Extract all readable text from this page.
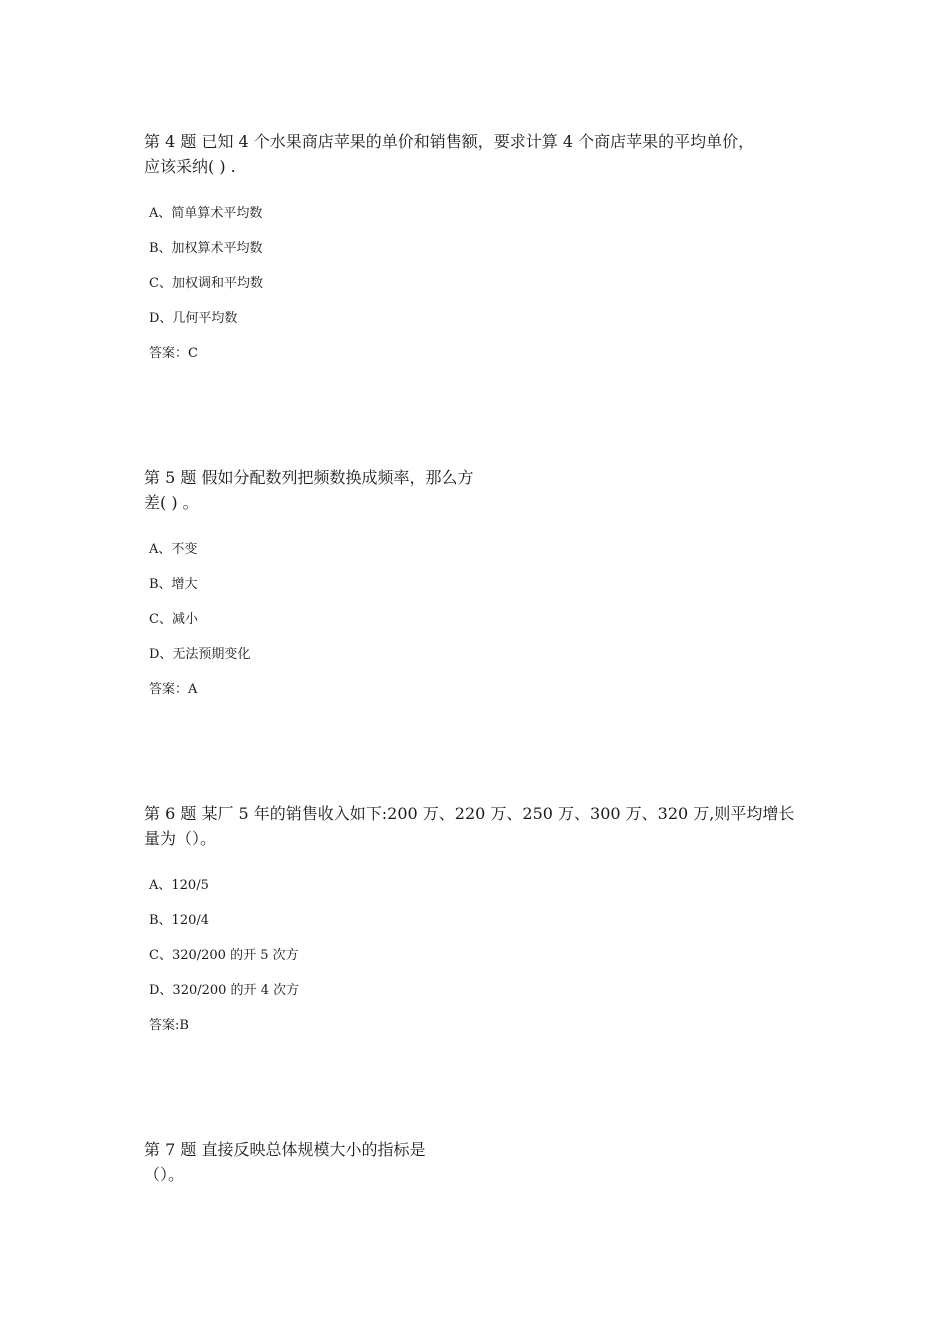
第 4 题 已知 4 个水果商店苹果的单价和销售额，要求计算 4 个商店苹果的平均单价，
应该采纳( ) .

A、简单算术平均数

B、加权算术平均数

C、加权调和平均数

D、几何平均数

答案：C

第 5 题 假如分配数列把频数换成频率，那么方
差( ) 。

A、不变

B、增大

C、减小

D、无法预期变化

答案：A

第 6 题 某厂 5 年的销售收入如下:200 万、220 万、250 万、300 万、320 万,则平均增长
量为（）。

A、120/5

B、120/4

C、320/200 的开 5 次方

D、320/200 的开 4 次方

答案:B

第 7 题 直接反映总体规模大小的指标是
（）。
